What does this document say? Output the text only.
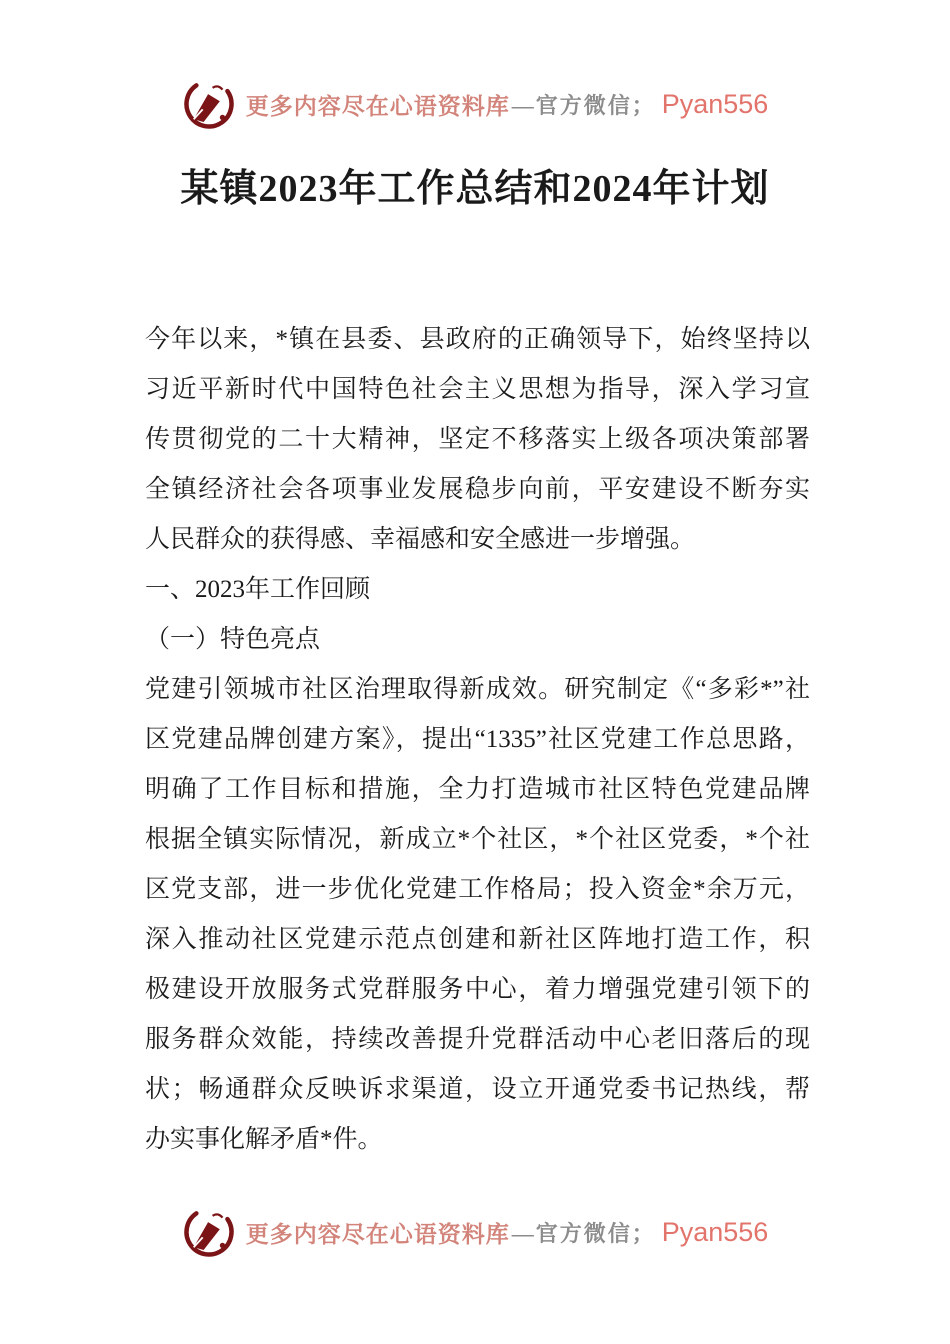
更多内容尽在心语资料库 —官方微信； Pyan556
某镇2023年工作总结和2024年计划
今年以来，*镇在县委、县政府的正确领导下，始终坚持以
习近平新时代中国特色社会主义思想为指导，深入学习宣
传贯彻党的二十大精神，坚定不移落实上级各项决策部署
全镇经济社会各项事业发展稳步向前，平安建设不断夯实
人民群众的获得感、幸福感和安全感进一步增强。
一、2023年工作回顾
（一）特色亮点
党建引领城市社区治理取得新成效。研究制定《“多彩*”社
区党建品牌创建方案》，提出“1335”社区党建工作总思路，
明确了工作目标和措施，全力打造城市社区特色党建品牌
根据全镇实际情况，新成立*个社区，*个社区党委，*个社
区党支部，进一步优化党建工作格局；投入资金*余万元，
深入推动社区党建示范点创建和新社区阵地打造工作，积
极建设开放服务式党群服务中心，着力增强党建引领下的
服务群众效能，持续改善提升党群活动中心老旧落后的现
状；畅通群众反映诉求渠道，设立开通党委书记热线，帮
办实事化解矛盾*件。
更多内容尽在心语资料库 —官方微信； Pyan556
